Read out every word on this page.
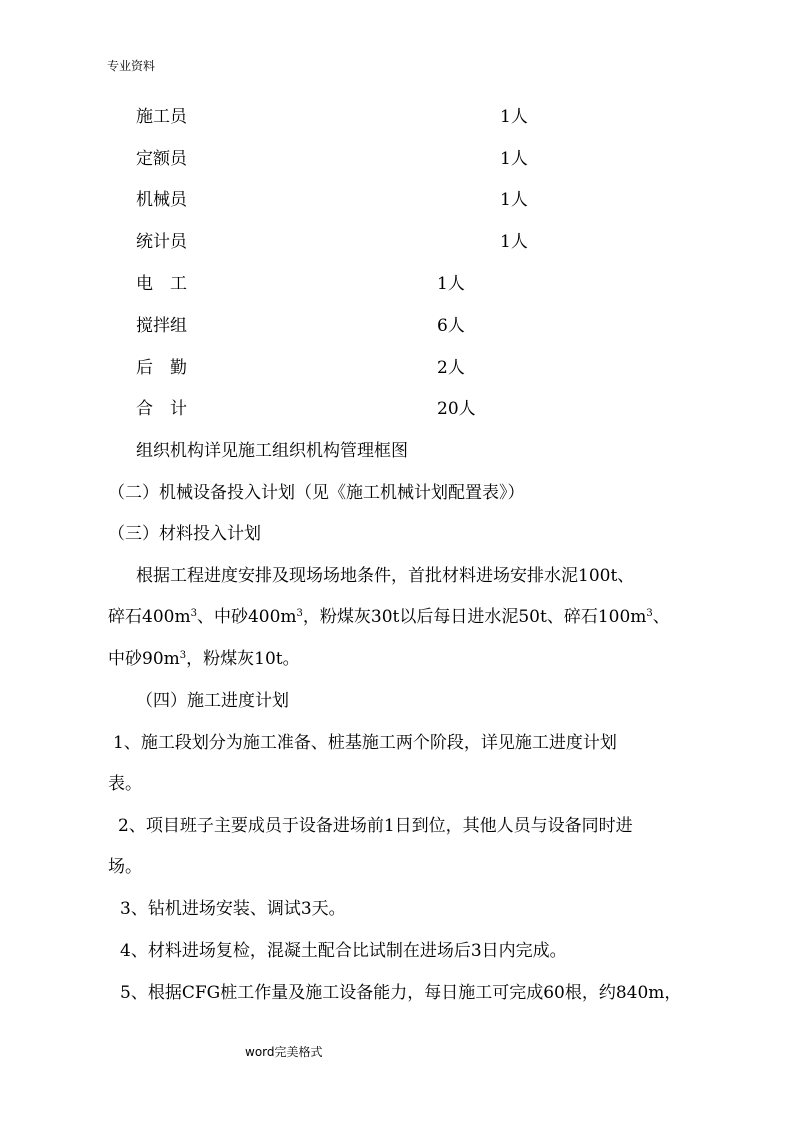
专业资料
施工员	1人
定额员	1人
机械员	1人
统计员	1人
电工	1人
搅拌组	6人
后勤	2人
合计	20人
组织机构详见施工组织机构管理框图
（二）机械设备投入计划（见《施工机械计划配置表》）
（三）材料投入计划
根据工程进度安排及现场场地条件，首批材料进场安排水泥100t、
碎石$400m^3$、中砂$400m^3$，粉煤灰30t以后每日进水泥50t、碎石$100m^3$、
中砂$90m^3$，粉煤灰10t。
（四）施工进度计划
1、施工段划分为施工准备、桩基施工两个阶段，详见施工进度计划
表。
2、项目班子主要成员于设备进场前1日到位，其他人员与设备同时进
场。
3、钻机进场安装、调试3天。
4、材料进场复检，混凝土配合比试制在进场后3日内完成。
5、根据CFG桩工作量及施工设备能力，每日施工可完成60根，约840m，
word完美格式
